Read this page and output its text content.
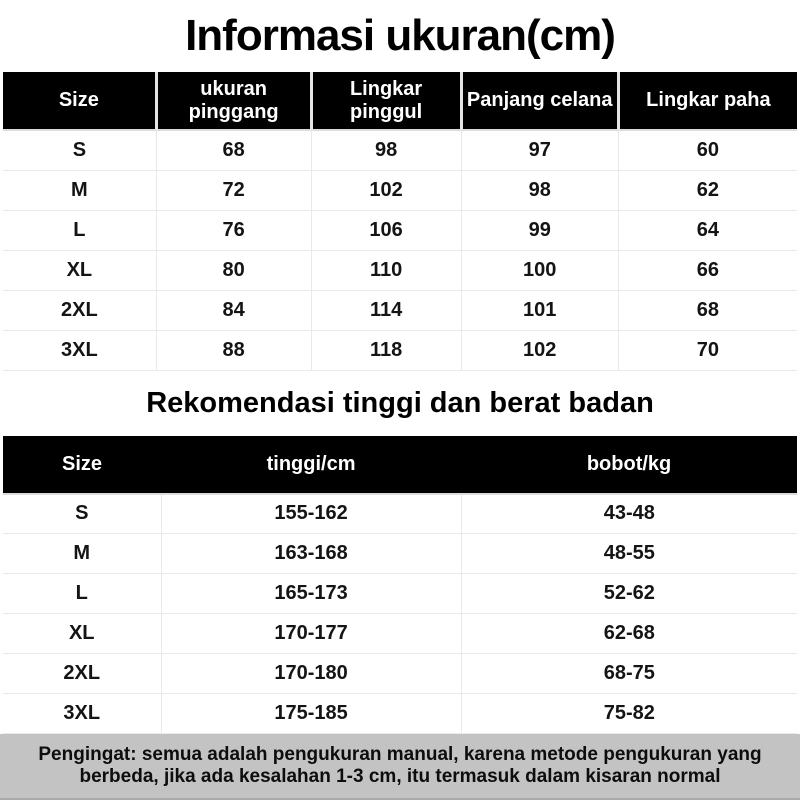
Informasi ukuran(cm)
Size	ukuran pinggang	Lingkar pinggul	Panjang celana	Lingkar paha
S	68	98	97	60
M	72	102	98	62
L	76	106	99	64
XL	80	110	100	66
2XL	84	114	101	68
3XL	88	118	102	70
Rekomendasi tinggi dan berat badan
Size	tinggi/cm	bobot/kg
S	155-162	43-48
M	163-168	48-55
L	165-173	52-62
XL	170-177	62-68
2XL	170-180	68-75
3XL	175-185	75-82
Pengingat: semua adalah pengukuran manual, karena metode pengukuran yang berbeda, jika ada kesalahan 1-3 cm, itu termasuk dalam kisaran normal
